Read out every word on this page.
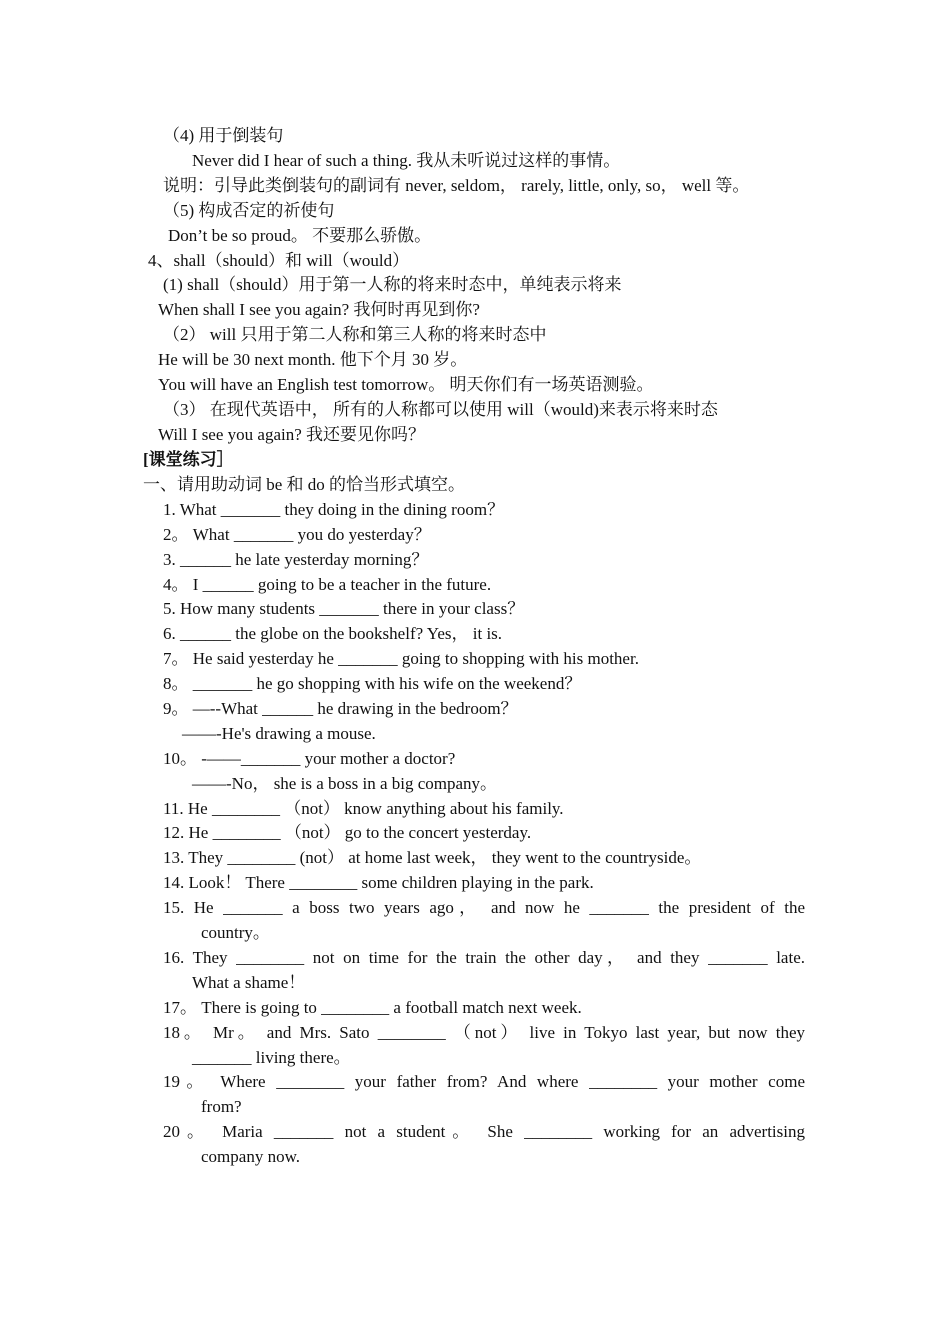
（4) 用于倒装句
Never did I hear of such a thing. 我从未听说过这样的事情。
说明：引导此类倒装句的副词有 never, seldom， rarely, little, only, so， well 等。
（5) 构成否定的祈使句
Don’t be so proud。 不要那么骄傲。
4、shall（should）和 will（would）
(1) shall（should）用于第一人称的将来时态中，单纯表示将来
When shall I see you again? 我何时再见到你?
（2） will 只用于第二人称和第三人称的将来时态中
He will be 30 next month. 他下个月 30 岁。
You will have an English test tomorrow。 明天你们有一场英语测验。
（3） 在现代英语中， 所有的人称都可以使用 will（would)来表示将来时态
Will I see you again? 我还要见你吗？
[课堂练习］
一、请用助动词 be 和 do 的恰当形式填空。
1. What _______ they doing in the dining room？
2。 What _______ you do yesterday？
3. ______ he late yesterday morning？
4。 I ______ going to be a teacher in the future.
5. How many students _______ there in your class？
6. ______ the globe on the bookshelf? Yes， it is.
7。 He said yesterday he _______ going to shopping with his mother.
8。 _______ he go shopping with his wife on the weekend？
9。 —--What ______ he drawing in the bedroom？
——-He's drawing a mouse.
10。 -——_______ your mother a doctor?
——-No， she is a boss in a big company。
11. He ________ （not） know anything about his family.
12. He ________ （not） go to the concert yesterday.
13. They ________ (not） at home last week， they went to the countryside。
14. Look！ There ________ some children playing in the park.
15. He _______ a boss two years ago， and now he _______ the president of the
country。
16. They ________ not on time for the train the other day， and they _______ late.
What a shame！
17。 There is going to ________ a football match next week.
18。 Mr。 and Mrs. Sato ________ （not） live in Tokyo last year, but now they
_______ living there。
19。 Where ________ your father from? And where ________ your mother come
from?
20。 Maria _______ not a student。 She ________ working for an advertising
company now.
